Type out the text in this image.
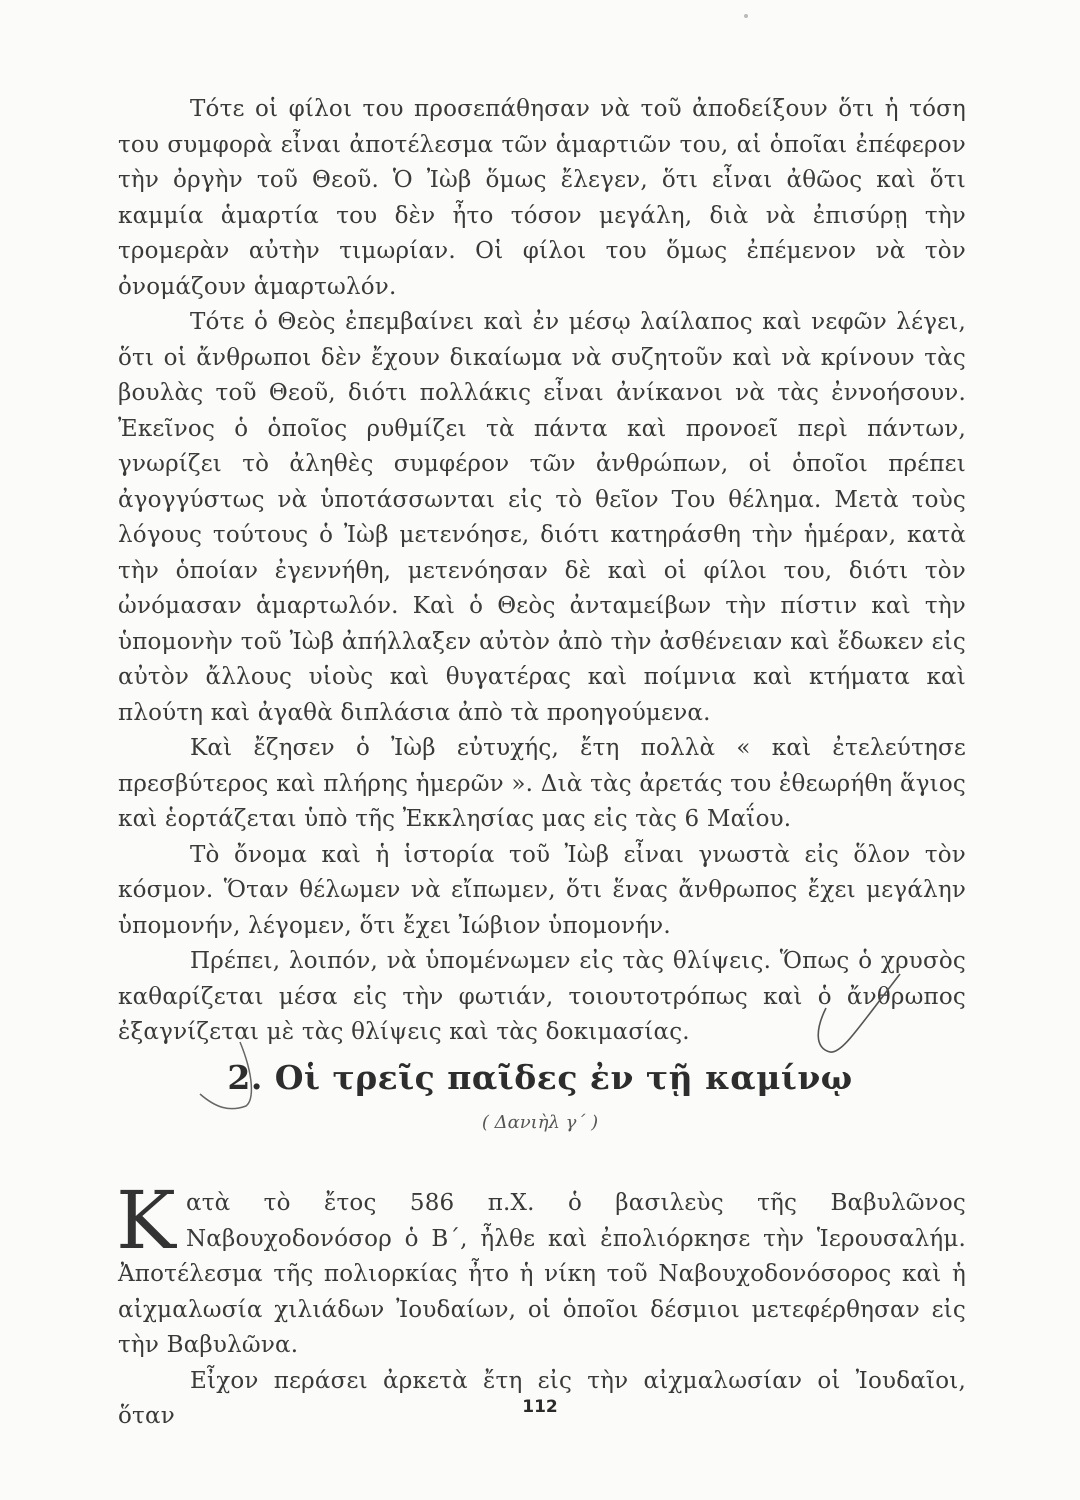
Τότε οἱ φίλοι του προσεπάθησαν νὰ τοῦ ἀποδείξουν ὅτι ἡ τόση του συμφορὰ εἶναι ἀποτέλεσμα τῶν ἁμαρτιῶν του, αἱ ὁποῖαι ἐπέφερον τὴν ὀργὴν τοῦ Θεοῦ. Ὁ Ἰὼβ ὅμως ἔλεγεν, ὅτι εἶναι ἀθῶος καὶ ὅτι καμμία ἁμαρτία του δὲν ἦτο τόσον μεγάλη, διὰ νὰ ἐπισύρῃ τὴν τρομερὰν αὐτὴν τιμωρίαν. Οἱ φίλοι του ὅμως ἐπέμενον νὰ τὸν ὀνομάζουν ἁμαρτωλόν.

Τότε ὁ Θεὸς ἐπεμβαίνει καὶ ἐν μέσῳ λαίλαπος καὶ νεφῶν λέγει, ὅτι οἱ ἄνθρωποι δὲν ἔχουν δικαίωμα νὰ συζητοῦν καὶ νὰ κρίνουν τὰς βουλὰς τοῦ Θεοῦ, διότι πολλάκις εἶναι ἀνίκανοι νὰ τὰς ἐννοήσουν. Ἐκεῖνος ὁ ὁποῖος ρυθμίζει τὰ πάντα καὶ προνοεῖ περὶ πάντων, γνωρίζει τὸ ἀληθὲς συμφέρον τῶν ἀνθρώπων, οἱ ὁποῖοι πρέπει ἀγογγύστως νὰ ὑποτάσσωνται εἰς τὸ θεῖον Του θέλημα. Μετὰ τοὺς λόγους τούτους ὁ Ἰὼβ μετενόησε, διότι κατηράσθη τὴν ἡμέραν, κατὰ τὴν ὁποίαν ἐγεννήθη, μετενόησαν δὲ καὶ οἱ φίλοι του, διότι τὸν ὠνόμασαν ἁμαρτωλόν. Καὶ ὁ Θεὸς ἀνταμείβων τὴν πίστιν καὶ τὴν ὑπομονὴν τοῦ Ἰὼβ ἀπήλλαξεν αὐτὸν ἀπὸ τὴν ἀσθένειαν καὶ ἔδωκεν εἰς αὐτὸν ἄλλους υἱοὺς καὶ θυγατέρας καὶ ποίμνια καὶ κτήματα καὶ πλούτη καὶ ἀγαθὰ διπλάσια ἀπὸ τὰ προηγούμενα.

Καὶ ἔζησεν ὁ Ἰὼβ εὐτυχής, ἔτη πολλὰ « καὶ ἐτελεύτησε πρεσβύτερος καὶ πλήρης ἡμερῶν ». Διὰ τὰς ἀρετάς του ἐθεωρήθη ἅγιος καὶ ἑορτάζεται ὑπὸ τῆς Ἐκκλησίας μας εἰς τὰς 6 Μαΐου.

Τὸ ὄνομα καὶ ἡ ἱστορία τοῦ Ἰὼβ εἶναι γνωστὰ εἰς ὅλον τὸν κόσμον. Ὅταν θέλωμεν νὰ εἴπωμεν, ὅτι ἕνας ἄνθρωπος ἔχει μεγάλην ὑπομονήν, λέγομεν, ὅτι ἔχει Ἰώβιον ὑπομονήν.

Πρέπει, λοιπόν, νὰ ὑπομένωμεν εἰς τὰς θλίψεις. Ὅπως ὁ χρυσὸς καθαρίζεται μέσα εἰς τὴν φωτιάν, τοιουτοτρόπως καὶ ὁ ἄνθρωπος ἐξαγνίζεται μὲ τὰς θλίψεις καὶ τὰς δοκιμασίας.

2. Οἱ τρεῖς παῖδες ἐν τῇ καμίνῳ
( Δανιὴλ γ΄ )

Κατὰ τὸ ἔτος 586 π.Χ. ὁ βασιλεὺς τῆς Βαβυλῶνος Ναβουχοδονόσορ ὁ Β΄, ἦλθε καὶ ἐπολιόρκησε τὴν Ἱερουσαλήμ. Ἀποτέλεσμα τῆς πολιορκίας ἦτο ἡ νίκη τοῦ Ναβουχοδονόσορος καὶ ἡ αἰχμαλωσία χιλιάδων Ἰουδαίων, οἱ ὁποῖοι δέσμιοι μετεφέρθησαν εἰς τὴν Βαβυλῶνα.

Εἶχον περάσει ἀρκετὰ ἔτη εἰς τὴν αἰχμαλωσίαν οἱ Ἰουδαῖοι, ὅταν	112
